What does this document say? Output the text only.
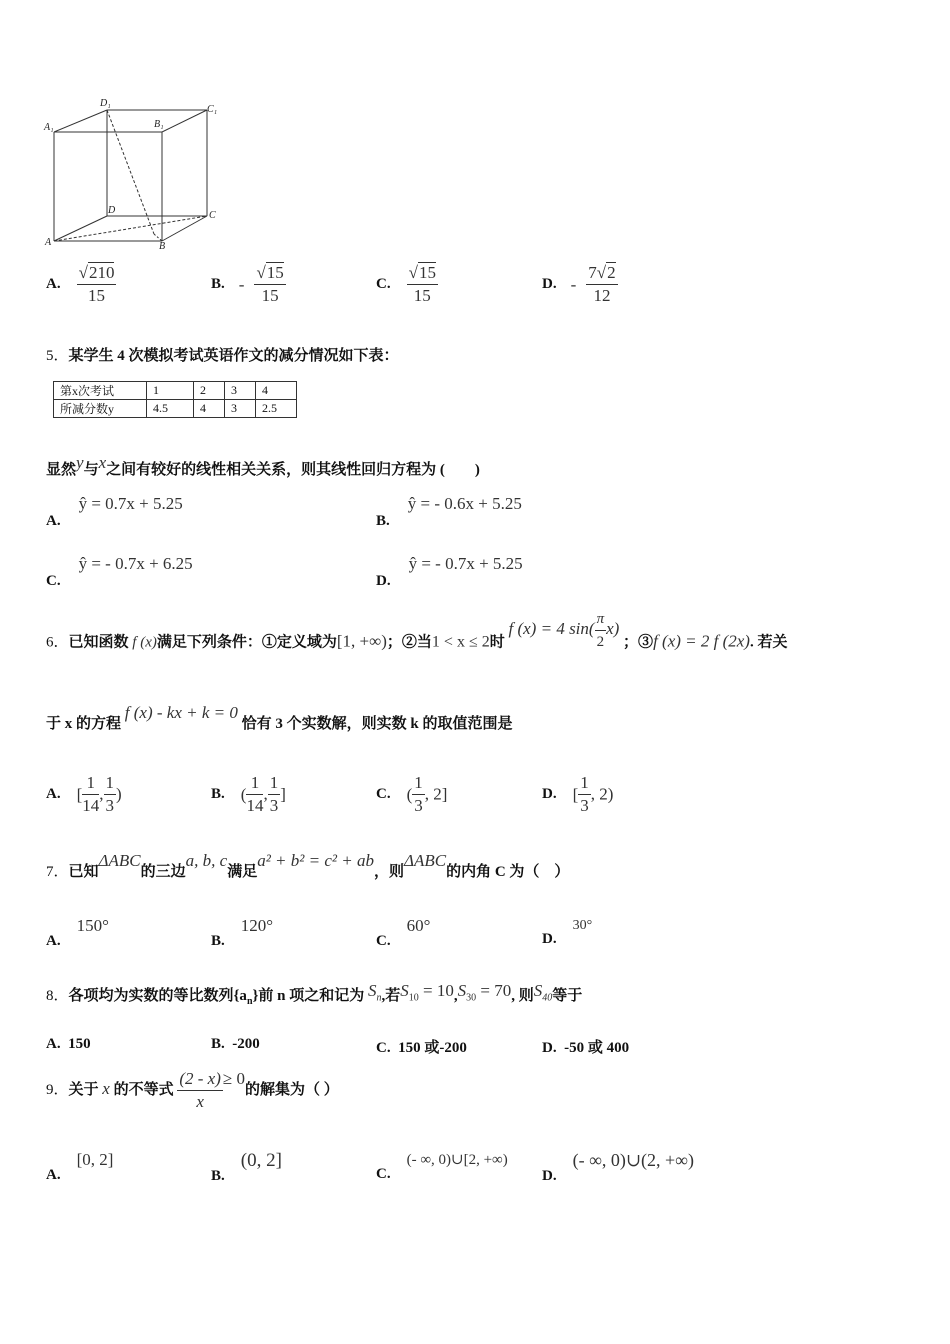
A₁
D₁
C₁
B₁
D	C
A	B
A. $\frac{√210}{15}$	B. - $\frac{√15}{15}$	C. $\frac{√15}{15}$	D. - $\frac{7√2}{12}$
5．某学生 4 次模拟考试英语作文的减分情况如下表：
第x次考试	1	2	3	4
所减分数y	4.5	4	3	2.5
显然y与x之间有较好的线性相关关系，则其线性回归方程为 (　　)
A. ŷ = 0.7x + 5.25
B. ŷ = - 0.6x + 5.25
C. ŷ = - 0.7x + 6.25
D. ŷ = - 0.7x + 5.25
6．已知函数 f (x)满足下列条件：①定义域为[1, +∞)；②当1 < x ≤ 2时 f (x) = 4 $\sin( \frac{\pi}{2} x)$ ；③f (x) = 2 f (2x). 若关
于 x 的方程 f (x) - kx + k = 0 恰有 3 个实数解，则实数 k 的取值范围是
A. [ $\frac{1}{14}$ , $\frac{1}{3}$ )	B. ( $\frac{1}{14}$ , $\frac{1}{3}$ ]	C. ( $\frac{1}{3}$ , 2]	D. [ $\frac{1}{3}$ , 2)
7．已知ΔABC的三边a, b, c满足a² + b² = c² + ab，则ΔABC的内角 C 为（　）
A. 150°
B. 120°
C. 60°
D. 30°
8．各项均为实数的等比数列$\{a_n\}$前 n 项之和记为 $S_n$,若$S_{10} = 10,S_{30} = 70$, 则$S_{40}$等于
A. 150	B. -200	C. 150 或-200	D. -50 或 400
9．关于 x 的不等式 $\frac{(2 - x)}{x} \ge 0$的解集为（ ）
A. [0, 2]
B. (0, 2]
C. (- ∞, 0)∪[2, +∞)
D. (- ∞, 0)∪(2, +∞)
